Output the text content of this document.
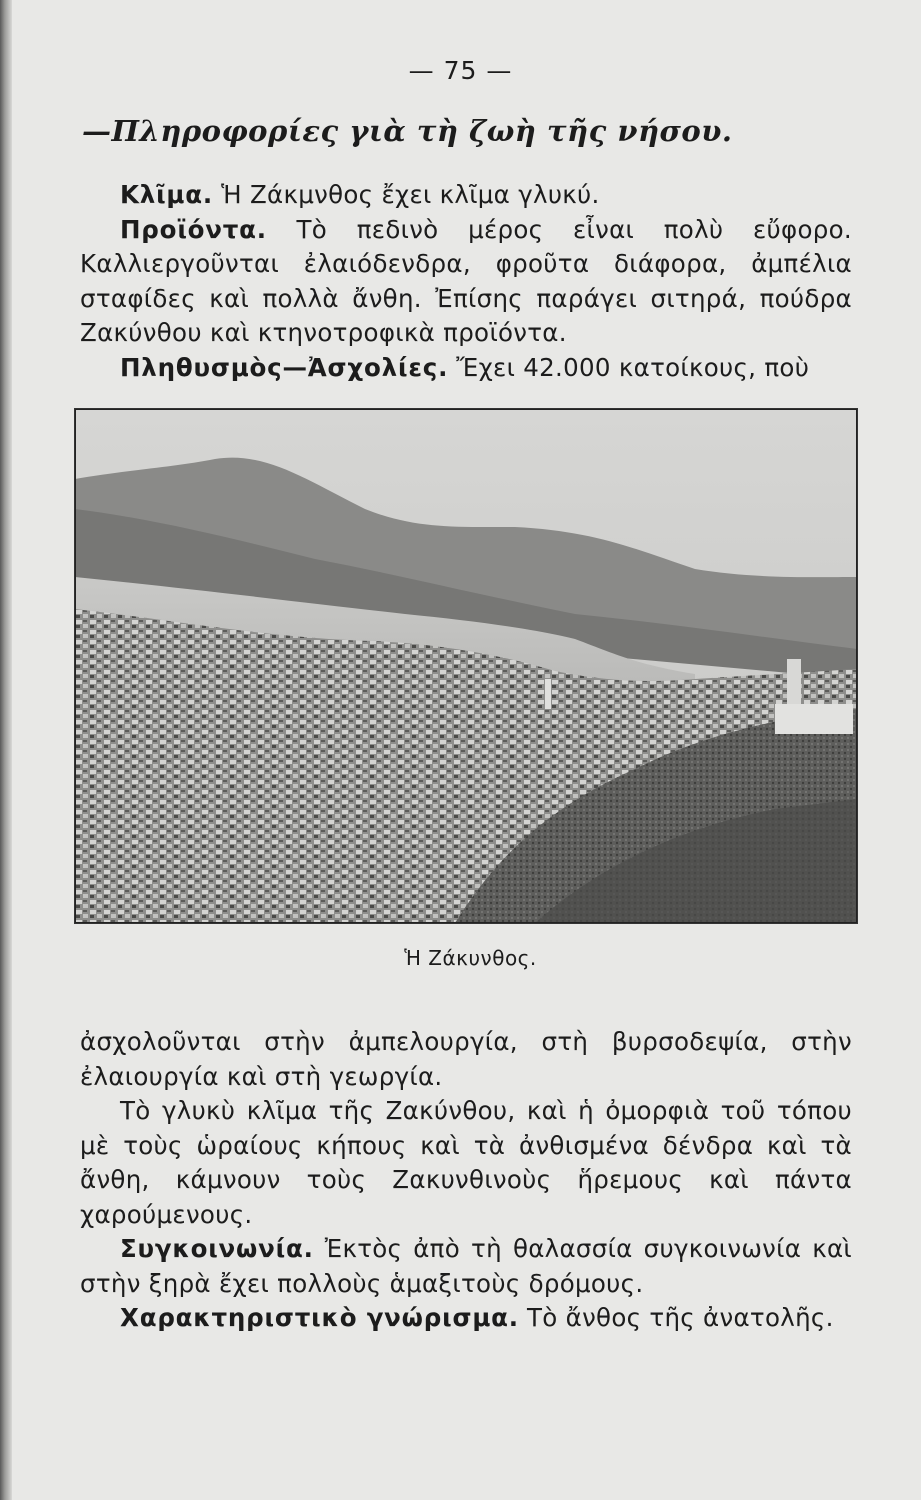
— 75 —
—Πληροφορίες γιὰ τὴ ζωὴ τῆς νήσου.

Κλῖμα. Ἡ Ζάκμνθος ἔχει κλῖμα γλυκύ.

Προϊόντα. Τὸ πεδινὸ μέρος εἶναι πολὺ εὔφορο. Καλλιεργοῦνται ἐλαιόδενδρα, φροῦτα διάφορα, ἀμπέλια σταφίδες καὶ πολλὰ ἄνθη. Ἐπίσης παράγει σιτηρά, πούδρα Ζακύνθου καὶ κτηνοτροφικὰ προϊόντα.

Πληθυσμὸς—Ἀσχολίες. Ἔχει 42.000 κατοίκους, ποὺ

Ἡ Ζάκυνθος.

ἀσχολοῦνται στὴν ἀμπελουργία, στὴ βυρσοδεψία, στὴν ἐλαιουργία καὶ στὴ γεωργία.

Τὸ γλυκὺ κλῖμα τῆς Ζακύνθου, καὶ ἡ ὀμορφιὰ τοῦ τόπου μὲ τοὺς ὡραίους κήπους καὶ τὰ ἀνθισμένα δένδρα καὶ τὰ ἄνθη, κάμνουν τοὺς Ζακυνθινοὺς ἥρεμους καὶ πάντα χαρούμενους.

Συγκοινωνία. Ἐκτὸς ἀπὸ τὴ θαλασσία συγκοινωνία καὶ στὴν ξηρὰ ἔχει πολλοὺς ἁμαξιτοὺς δρόμους.

Χαρακτηριστικὸ γνώρισμα. Τὸ ἄνθος τῆς ἀνατολῆς.
